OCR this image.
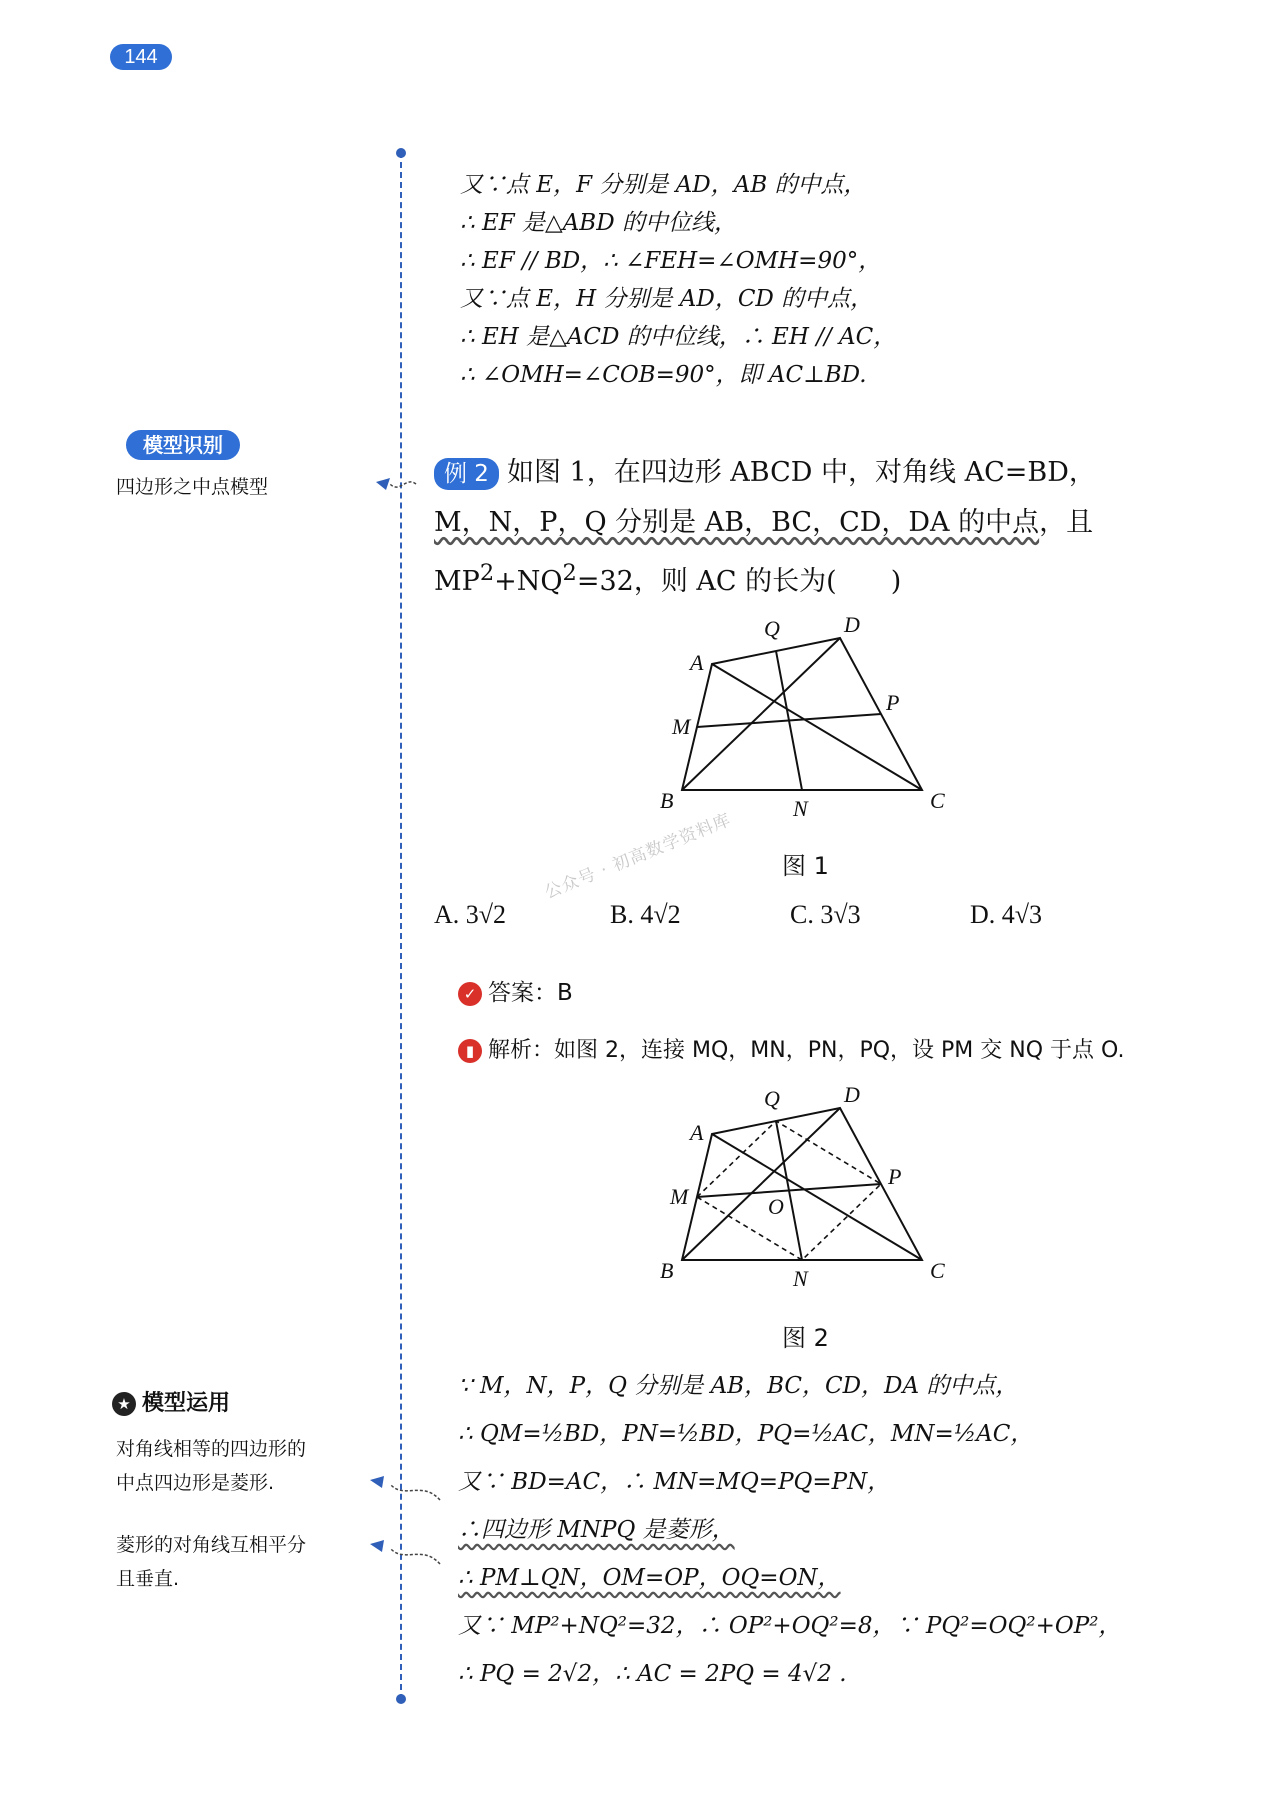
144
又∵点 E，F 分别是 AD，AB 的中点，
∴ EF 是△ABD 的中位线，
∴ EF // BD，∴ ∠FEH=∠OMH=90°，
又∵点 E，H 分别是 AD，CD 的中点，
∴ EH 是△ACD 的中位线，∴ EH // AC，
∴ ∠OMH=∠COB=90°，即 AC⊥BD.
模型识别
四边形之中点模型	例 2 如图 1，在四边形 ABCD 中，对角线 AC=BD，
M，N，P，Q 分别是 AB，BC，CD，DA 的中点，且
$MP^2+NQ^2=32$，则 AC 的长为(　　)
A
B	C
D
M
N
P
Q
图 1
A. 3√2	B. 4√2	C. 3√3	D. 4√3
公众号 · 初高数学资料库
✓ 答案：B
▮ 解析：如图 2，连接 MQ，MN，PN，PQ，设 PM 交 NQ 于点 O.
A
B	C
D
M
N
P
Q
O
图 2
∵ M，N，P，Q 分别是 AB，BC，CD，DA 的中点，
∴ QM=½BD，PN=½BD，PQ=½AC，MN=½AC，
又∵ BD=AC，∴ MN=MQ=PQ=PN，
∴四边形 MNPQ 是菱形，
∴ PM⊥QN，OM=OP，OQ=ON，
又∵ MP²+NQ²=32，∴ OP²+OQ²=8，∵ PQ²=OQ²+OP²，
∴ PQ = 2√2，∴ AC = 2PQ = 4√2 .
★ 模型运用
对角线相等的四边形的
中点四边形是菱形.
菱形的对角线互相平分
且垂直.
